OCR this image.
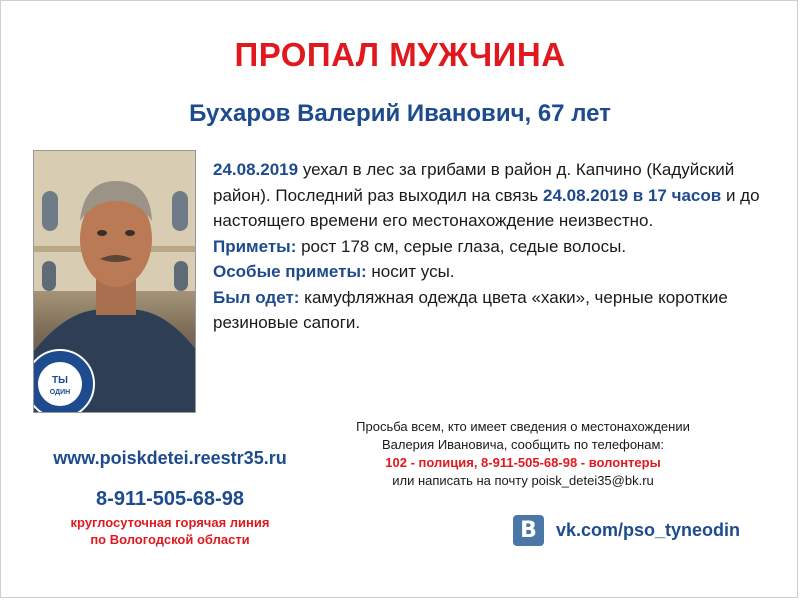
ПРОПАЛ МУЖЧИНА
Бухаров Валерий Иванович, 67 лет
ТЫ
ОДИН
24.08.2019 уехал в лес за грибами в район д. Капчино (Кадуйский район). Последний раз выходил на связь 24.08.2019 в 17 часов и до настоящего времени его местонахождение неизвестно.
Приметы: рост 178 см, серые глаза, седые волосы.
Особые приметы: носит усы.
Был одет: камуфляжная одежда цвета «хаки», черные короткие резиновые сапоги.
www.poiskdetei.reestr35.ru
8-911-505-68-98
круглосуточная горячая линия
по Вологодской области
Просьба всем, кто имеет сведения о местонахождении
Валерия Ивановича, сообщить по телефонам:
102 - полиция, 8-911-505-68-98 - волонтеры
или написать на почту poisk_detei35@bk.ru
B	vk.com/pso_tyneodin
